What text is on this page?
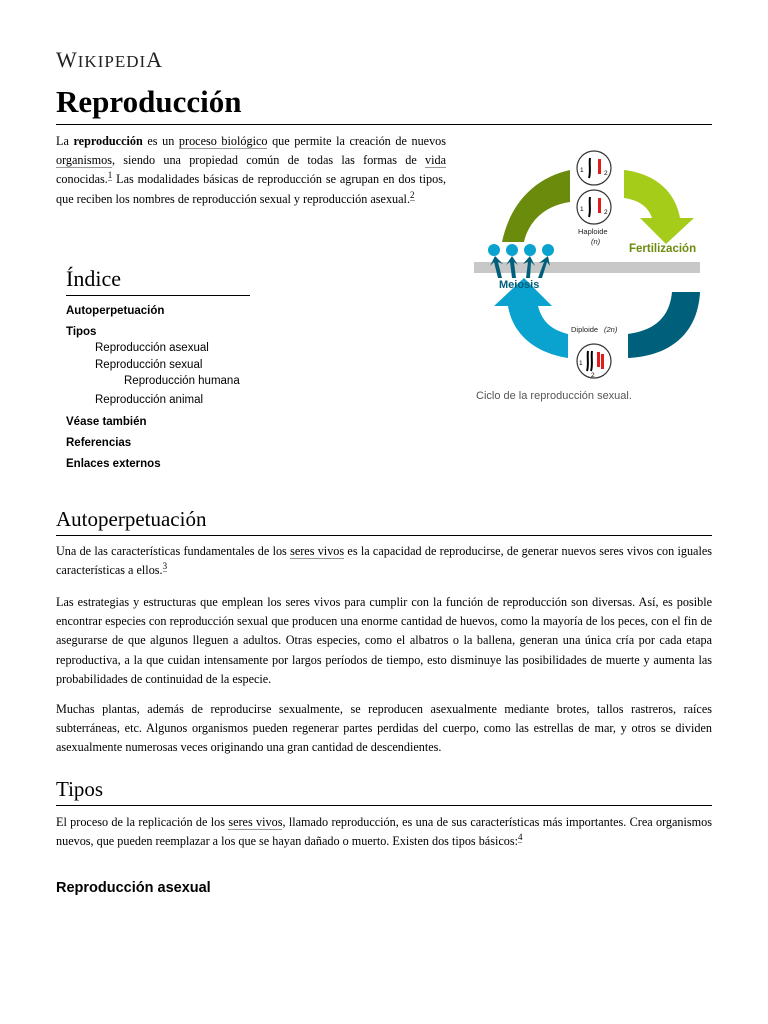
WIKIPEDIA
Reproducción

La reproducción es un proceso biológico que permite la creación de nuevos organismos, siendo una propiedad común de todas las formas de vida conocidas.$^1$ Las modalidades básicas de reproducción se agrupan en dos tipos, que reciben los nombres de reproducción sexual y reproducción asexual.$^2$

Índice
Autoperpetuación
Tipos
Reproducción asexual
Reproducción sexual
Reproducción humana
Reproducción animal
Véase también
Referencias
Enlaces externos
1	2
1	2
Haploide
(n)
Fertilización
Meiosis
Diploide (2n)
1
2
Ciclo de la reproducción sexual.
Autoperpetuación

Una de las características fundamentales de los seres vivos es la capacidad de reproducirse, de generar nuevos seres vivos con iguales características a ellos.$^3$

Las estrategias y estructuras que emplean los seres vivos para cumplir con la función de reproducción son diversas. Así, es posible encontrar especies con reproducción sexual que producen una enorme cantidad de huevos, como la mayoría de los peces, con el fin de asegurarse de que algunos lleguen a adultos. Otras especies, como el albatros o la ballena, generan una única cría por cada etapa reproductiva, a la que cuidan intensamente por largos períodos de tiempo, esto disminuye las posibilidades de muerte y aumenta las probabilidades de continuidad de la especie.

Muchas plantas, además de reproducirse sexualmente, se reproducen asexualmente mediante brotes, tallos rastreros, raíces subterráneas, etc. Algunos organismos pueden regenerar partes perdidas del cuerpo, como las estrellas de mar, y otros se dividen asexualmente numerosas veces originando una gran cantidad de descendientes.

Tipos

El proceso de la replicación de los seres vivos, llamado reproducción, es una de sus características más importantes. Crea organismos nuevos, que pueden reemplazar a los que se hayan dañado o muerto. Existen dos tipos básicos:$^4$

Reproducción asexual
